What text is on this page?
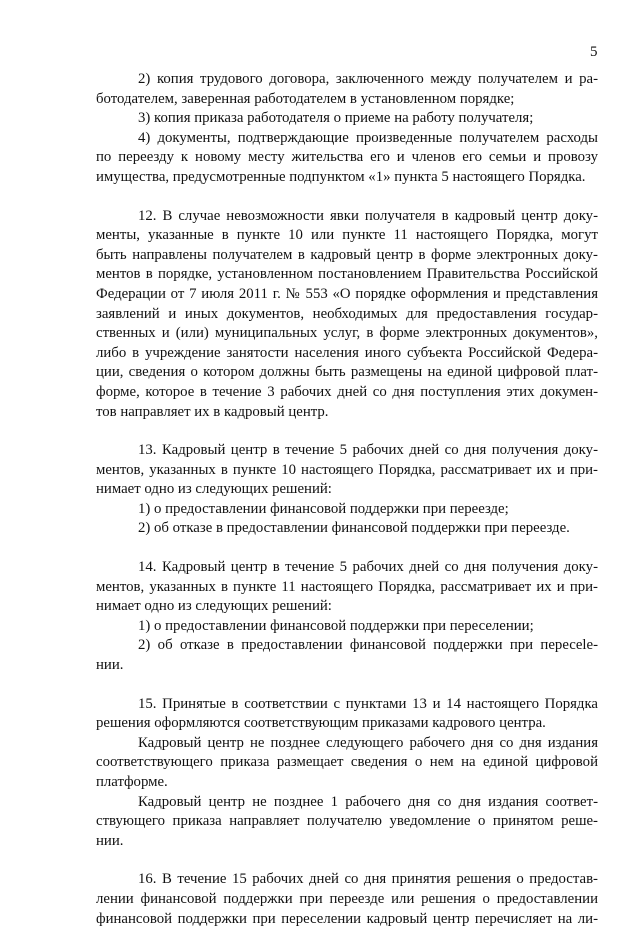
5
2) копия трудового договора, заключенного между получателем и ра-
ботодателем, заверенная работодателем в установленном порядке;
3) копия приказа работодателя о приеме на работу получателя;
4) документы, подтверждающие произведенные получателем расходы
по переезду к новому месту жительства его и членов его семьи и провозу
имущества, предусмотренные подпунктом «1» пункта 5 настоящего Порядка.
12. В случае невозможности явки получателя в кадровый центр доку-
менты, указанные в пункте 10 или пункте 11 настоящего Порядка, могут
быть направлены получателем в кадровый центр в форме электронных доку-
ментов в порядке, установленном постановлением Правительства Российской
Федерации от 7 июля 2011 г. № 553 «О порядке оформления и представления
заявлений и иных документов, необходимых для предоставления государ-
ственных и (или) муниципальных услуг, в форме электронных документов»,
либо в учреждение занятости населения иного субъекта Российской Федера-
ции, сведения о котором должны быть размещены на единой цифровой плат-
форме, которое в течение 3 рабочих дней со дня поступления этих докумен-
тов направляет их в кадровый центр.
13. Кадровый центр в течение 5 рабочих дней со дня получения доку-
ментов, указанных в пункте 10 настоящего Порядка, рассматривает их и при-
нимает одно из следующих решений:
1) о предоставлении финансовой поддержки при переезде;
2) об отказе в предоставлении финансовой поддержки при переезде.
14. Кадровый центр в течение 5 рабочих дней со дня получения доку-
ментов, указанных в пункте 11 настоящего Порядка, рассматривает их и при-
нимает одно из следующих решений:
1) о предоставлении финансовой поддержки при переселении;
2) об отказе в предоставлении финансовой поддержки при пересele-
нии.
15. Принятые в соответствии с пунктами 13 и 14 настоящего Порядка
решения оформляются соответствующим приказами кадрового центра.
Кадровый центр не позднее следующего рабочего дня со дня издания
соответствующего приказа размещает сведения о нем на единой цифровой
платформе.
Кадровый центр не позднее 1 рабочего дня со дня издания соответ-
ствующего приказа направляет получателю уведомление о принятом реше-
нии.
16. В течение 15 рабочих дней со дня принятия решения о предостав-
лении финансовой поддержки при переезде или решения о предоставлении
финансовой поддержки при переселении кадровый центр перечисляет на ли-
